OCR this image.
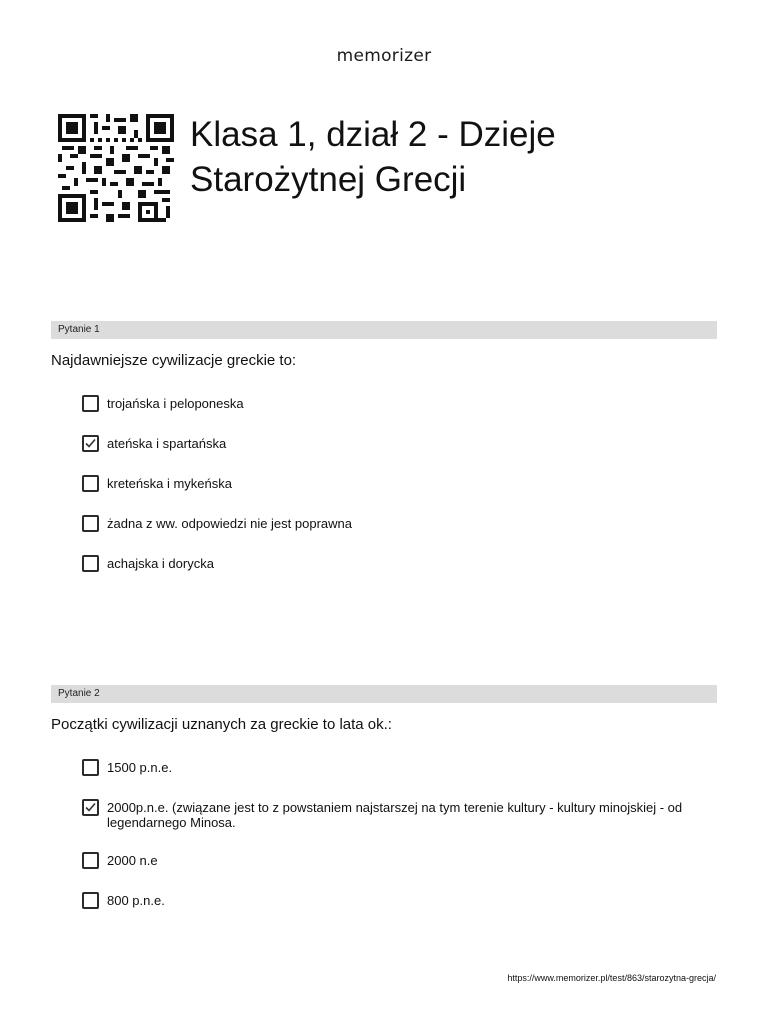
memorizer
Klasa 1, dział 2 - Dzieje
Starożytnej Grecji
Pytanie 1
Najdawniejsze cywilizacje greckie to:
trojańska i peloponeska
ateńska i spartańska
kreteńska i mykeńska
żadna z ww. odpowiedzi nie jest poprawna
achajska i dorycka
Pytanie 2
Początki cywilizacji uznanych za greckie to lata ok.:
1500 p.n.e.
2000p.n.e. (związane jest to z powstaniem najstarszej na tym terenie kultury - kultury minojskiej - od legendarnego Minosa.
2000 n.e
800 p.n.e.
https://www.memorizer.pl/test/863/starozytna-grecja/
